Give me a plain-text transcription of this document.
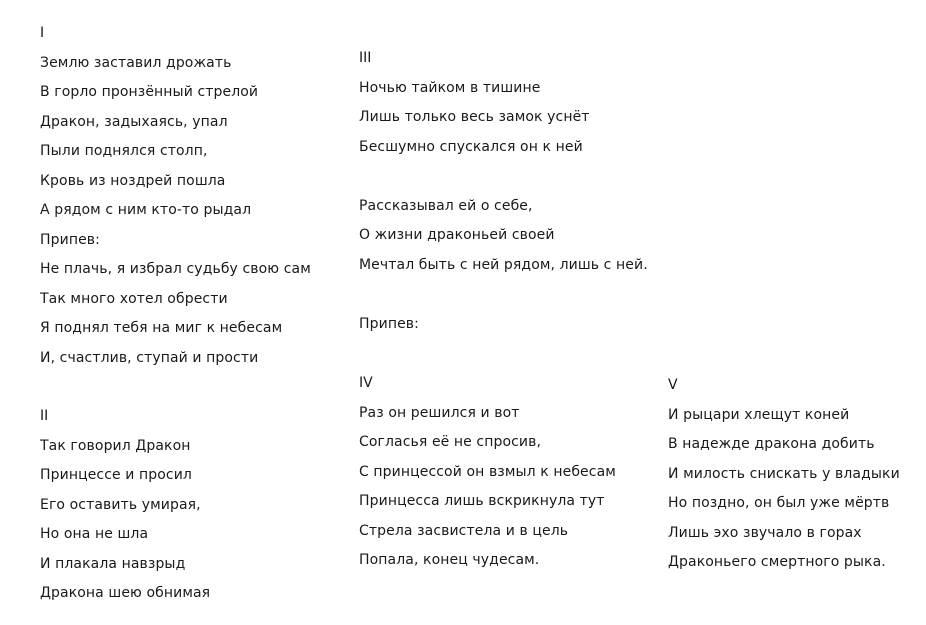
I
Землю заставил дрожать
В горло пронзённый стрелой
Дракон, задыхаясь, упал
Пыли поднялся столп,
Кровь из ноздрей пошла
А рядом с ним кто-то рыдал
Припев:
Не плачь, я избрал судьбу свою сам
Так много хотел обрести
Я поднял тебя на миг к небесам
И, счастлив, ступай и прости
II
Так говорил Дракон
Принцессе и просил
Его оставить умирая,
Но она не шла
И плакала навзрыд
Дракона шею обнимая
III
Ночью тайком в тишине
Лишь только весь замок уснёт
Бесшумно спускался он к ней
Рассказывал ей о себе,
О жизни драконьей своей
Мечтал быть с ней рядом, лишь с ней.
Припев:
IV
Раз он решился и вот
Согласья её не спросив,
С принцессой он взмыл к небесам
Принцесса лишь вскрикнула тут
Стрела засвистела и в цель
Попала, конец чудесам.
V
И рыцари хлещут коней
В надежде дракона добить
И милость снискать у владыки
Но поздно, он был уже мёртв
Лишь эхо звучало в горах
Драконьего смертного рыка.
